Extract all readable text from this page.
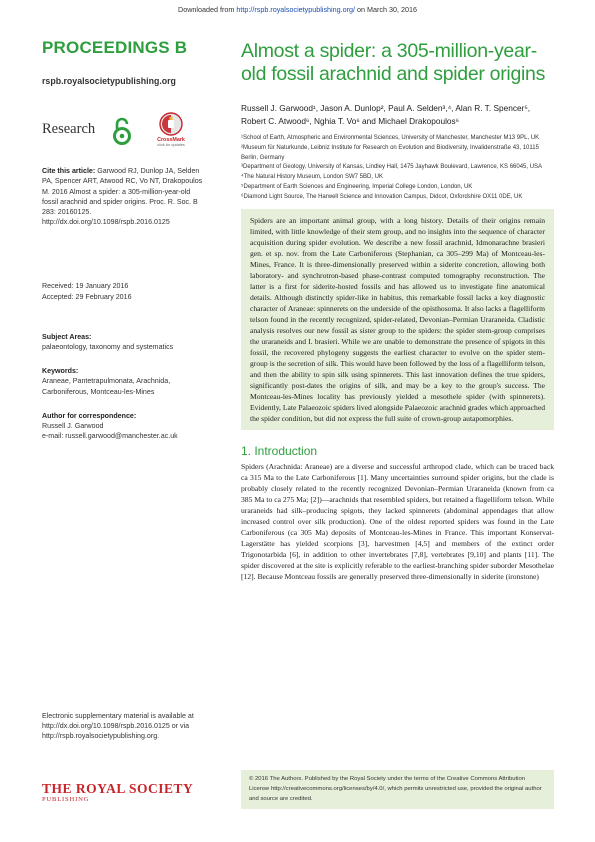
Downloaded from http://rspb.royalsocietypublishing.org/ on March 30, 2016
PROCEEDINGS B
rspb.royalsocietypublishing.org
Research
CrossMark
click for updates
Cite this article: Garwood RJ, Dunlop JA, Selden PA, Spencer ART, Atwood RC, Vo NT, Drakopoulos M. 2016 Almost a spider: a 305-million-year-old fossil arachnid and spider origins. Proc. R. Soc. B 283: 20160125. http://dx.doi.org/10.1098/rspb.2016.0125
Received: 19 January 2016
Accepted: 29 February 2016
Subject Areas:
palaeontology, taxonomy and systematics
Keywords:
Araneae, Pantetrapulmonata, Arachnida, Carboniferous, Montceau-les-Mines
Author for correspondence:
Russell J. Garwood
e-mail: russell.garwood@manchester.ac.uk
Electronic supplementary material is available at http://dx.doi.org/10.1098/rspb.2016.0125 or via http://rspb.royalsocietypublishing.org.
THE ROYAL SOCIETY
PUBLISHING
Almost a spider: a 305-million-year-old fossil arachnid and spider origins
Russell J. Garwood¹, Jason A. Dunlop², Paul A. Selden³,⁴, Alan R. T. Spencer⁵, Robert C. Atwood⁶, Nghia T. Vo⁶ and Michael Drakopoulos⁶
¹School of Earth, Atmospheric and Environmental Sciences, University of Manchester, Manchester M13 9PL, UK
²Museum für Naturkunde, Leibniz Institute for Research on Evolution and Biodiversity, Invalidenstraße 43, 10115 Berlin, Germany
³Department of Geology, University of Kansas, Lindley Hall, 1475 Jayhawk Boulevard, Lawrence, KS 66045, USA
⁴The Natural History Museum, London SW7 5BD, UK
⁵Department of Earth Sciences and Engineering, Imperial College London, London, UK
⁶Diamond Light Source, The Harwell Science and Innovation Campus, Didcot, Oxfordshire OX11 0DE, UK
Spiders are an important animal group, with a long history. Details of their origins remain limited, with little knowledge of their stem group, and no insights into the sequence of character acquisition during spider evolution. We describe a new fossil arachnid, Idmonarachne brasieri gen. et sp. nov. from the Late Carboniferous (Stephanian, ca 305–299 Ma) of Montceau-les-Mines, France. It is three-dimensionally preserved within a siderite concretion, allowing both laboratory- and synchrotron-based phase-contrast computed tomography reconstruction. The latter is a first for siderite-hosted fossils and has allowed us to investigate fine anatomical details. Although distinctly spider-like in habitus, this remarkable fossil lacks a key diagnostic character of Araneae: spinnerets on the underside of the opisthosoma. It also lacks a flagelliform telson found in the recently recognized, spider-related, Devonian–Permian Uraraneida. Cladistic analysis resolves our new fossil as sister group to the spiders: the spider stem-group comprises the uraraneids and I. brasieri. While we are unable to demonstrate the presence of spigots in this fossil, the recovered phylogeny suggests the earliest character to evolve on the spider stem-group is the secretion of silk. This would have been followed by the loss of a flagelliform telson, and then the ability to spin silk using spinnerets. This last innovation defines the true spiders, significantly post-dates the origins of silk, and may be a key to the group's success. The Montceau-les-Mines locality has previously yielded a mesothele spider (with spinnerets). Evidently, Late Palaeozoic spiders lived alongside Palaeozoic arachnid grades which approached the spider condition, but did not express the full suite of crown-group autapomorphies.
1. Introduction
Spiders (Arachnida: Araneae) are a diverse and successful arthropod clade, which can be traced back ca 315 Ma to the Late Carboniferous [1]. Many uncertainties surround spider origins, but the clade is probably closely related to the recently recognized Devonian–Permian Uraraneida (known from ca 385 Ma to ca 275 Ma; [2])—arachnids that resembled spiders, but retained a flagelliform telson. While uraraneids had silk–producing spigots, they lacked spinnerets (abdominal appendages that allow increased control over silk production). One of the oldest reported spiders was found in the Late Carboniferous (ca 305 Ma) deposits of Montceau-les-Mines in France. This important Konservat-Lagerstätte has yielded scorpions [3], harvestmen [4,5] and members of the extinct order Trigonotarbida [6], in addition to other invertebrates [7,8], vertebrates [9,10] and plants [11]. The spider discovered at the site is explicitly referable to the earliest-branching spider suborder Mesothelae [12]. Because Montceau fossils are generally preserved three-dimensionally in siderite (ironstone)
© 2016 The Authors. Published by the Royal Society under the terms of the Creative Commons Attribution License http://creativecommons.org/licenses/by/4.0/, which permits unrestricted use, provided the original author and source are credited.
